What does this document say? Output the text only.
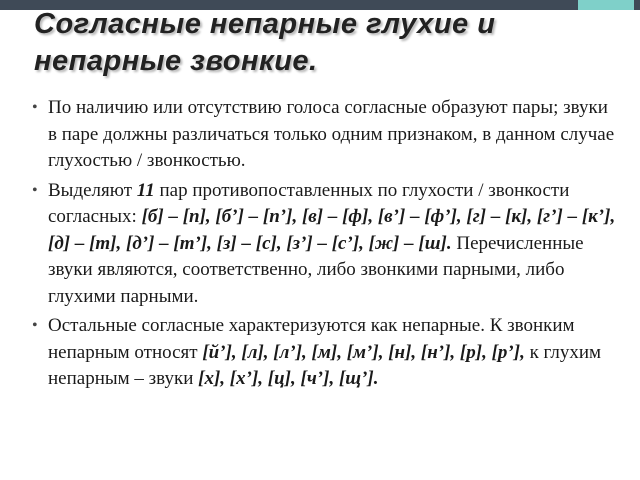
Согласные непарные глухие и непарные звонкие.
• По наличию или отсутствию голоса согласные образуют пары; звуки в паре должны различаться только одним признаком, в данном случае глухостью / звонкостью.
• Выделяют 11 пар противопоставленных по глухости / звонкости согласных: [б] – [п], [б’] – [п’], [в] – [ф], [в’] – [ф’], [г] – [к], [г’] – [к’], [д] – [т], [д’] – [т’], [з] – [с], [з’] – [с’], [ж] – [ш]. Перечисленные звуки являются, соответственно, либо звонкими парными, либо глухими парными.
• Остальные согласные характеризуются как непарные. К звонким непарным относят [й’], [л], [л’], [м], [м’], [н], [н’], [р], [р’], к глухим непарным – звуки [х], [х’], [ц], [ч’], [щ’].
